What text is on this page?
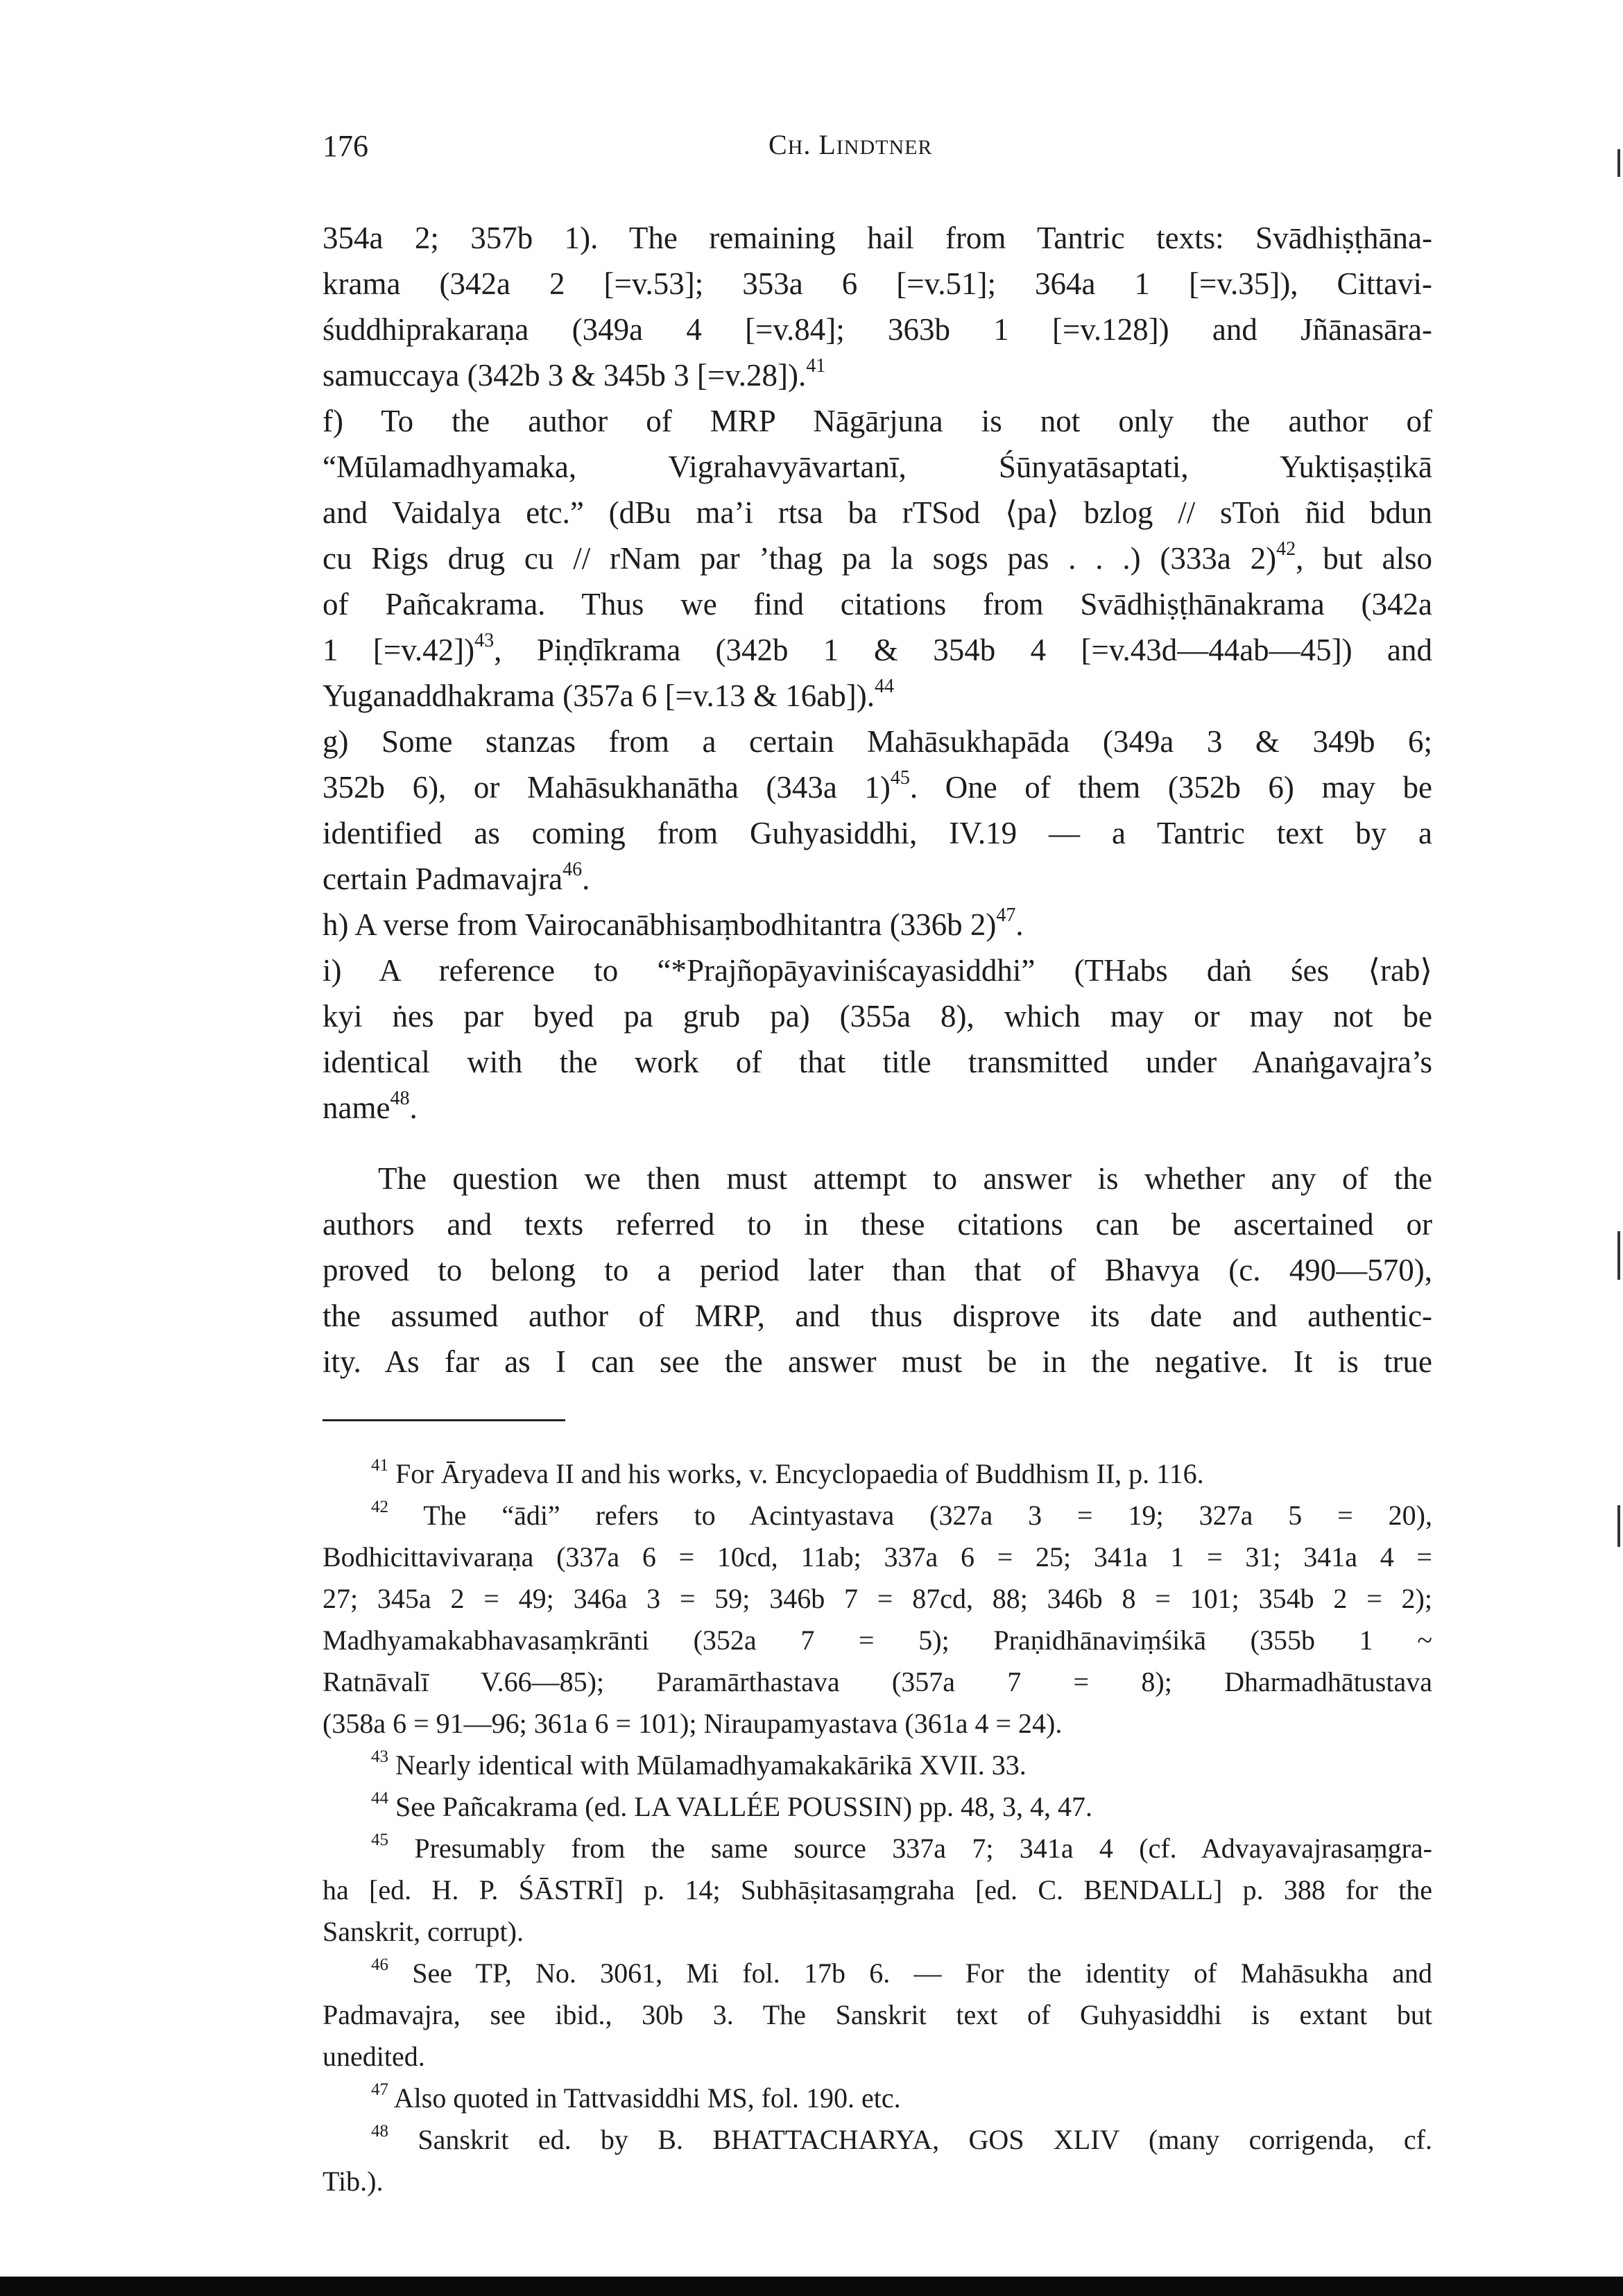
176	CH. LINDTNER
354a 2; 357b 1). The remaining hail from Tantric texts: Svādhiṣṭhāna-
krama (342a 2 [=v.53]; 353a 6 [=v.51]; 364a 1 [=v.35]), Cittavi-
śuddhiprakaraṇa (349a 4 [=v.84]; 363b 1 [=v.128]) and Jñānasāra-
samuccaya (342b 3 & 345b 3 [=v.28]).$^{41}$
f) To the author of MRP Nāgārjuna is not only the author of
“Mūlamadhyamaka, Vigrahavyāvartanī, Śūnyatāsaptati, Yuktiṣaṣṭikā
and Vaidalya etc.” (dBu ma’i rtsa ba rTSod ⟨pa⟩ bzlog // sToṅ ñid bdun
cu Rigs drug cu // rNam par ’thag pa la sogs pas . . .) (333a 2)$^{42}$, but also
of Pañcakrama. Thus we find citations from Svādhiṣṭhānakrama (342a
1 [=v.42])$^{43}$, Piṇḍīkrama (342b 1 & 354b 4 [=v.43d—44ab—45]) and
Yuganaddhakrama (357a 6 [=v.13 & 16ab]).$^{44}$
g) Some stanzas from a certain Mahāsukhapāda (349a 3 & 349b 6;
352b 6), or Mahāsukhanātha (343a 1)$^{45}$. One of them (352b 6) may be
identified as coming from Guhyasiddhi, IV.19 — a Tantric text by a
certain Padmavajra$^{46}$.
h) A verse from Vairocanābhisaṃbodhitantra (336b 2)$^{47}$.
i) A reference to “*Prajñopāyaviniścayasiddhi” (THabs daṅ śes ⟨rab⟩
kyi ṅes par byed pa grub pa) (355a 8), which may or may not be
identical with the work of that title transmitted under Anaṅgavajra’s
name$^{48}$.
The question we then must attempt to answer is whether any of the
authors and texts referred to in these citations can be ascertained or
proved to belong to a period later than that of Bhavya (c. 490—570),
the assumed author of MRP, and thus disprove its date and authentic-
ity. As far as I can see the answer must be in the negative. It is true
$^{41}$ For Āryadeva II and his works, v. Encyclopaedia of Buddhism II, p. 116.
$^{42}$ The “ādi” refers to Acintyastava (327a 3 = 19; 327a 5 = 20),
Bodhicittavivaraṇa (337a 6 = 10cd, 11ab; 337a 6 = 25; 341a 1 = 31; 341a 4 =
27; 345a 2 = 49; 346a 3 = 59; 346b 7 = 87cd, 88; 346b 8 = 101; 354b 2 = 2);
Madhyamakabhavasaṃkrānti (352a 7 = 5); Praṇidhānaviṃśikā (355b 1 ~
Ratnāvalī V.66—85); Paramārthastava (357a 7 = 8); Dharmadhātustava
(358a 6 = 91—96; 361a 6 = 101); Niraupamyastava (361a 4 = 24).
$^{43}$ Nearly identical with Mūlamadhyamakakārikā XVII. 33.
$^{44}$ See Pañcakrama (ed. LA VALLÉE POUSSIN) pp. 48, 3, 4, 47.
$^{45}$ Presumably from the same source 337a 7; 341a 4 (cf. Advayavajrasaṃgra-
ha [ed. H. P. ŚĀSTRĪ] p. 14; Subhāṣitasaṃgraha [ed. C. BENDALL] p. 388 for the
Sanskrit, corrupt).
$^{46}$ See TP, No. 3061, Mi fol. 17b 6. — For the identity of Mahāsukha and
Padmavajra, see ibid., 30b 3. The Sanskrit text of Guhyasiddhi is extant but
unedited.
$^{47}$ Also quoted in Tattvasiddhi MS, fol. 190. etc.
$^{48}$ Sanskrit ed. by B. BHATTACHARYA, GOS XLIV (many corrigenda, cf.
Tib.).
